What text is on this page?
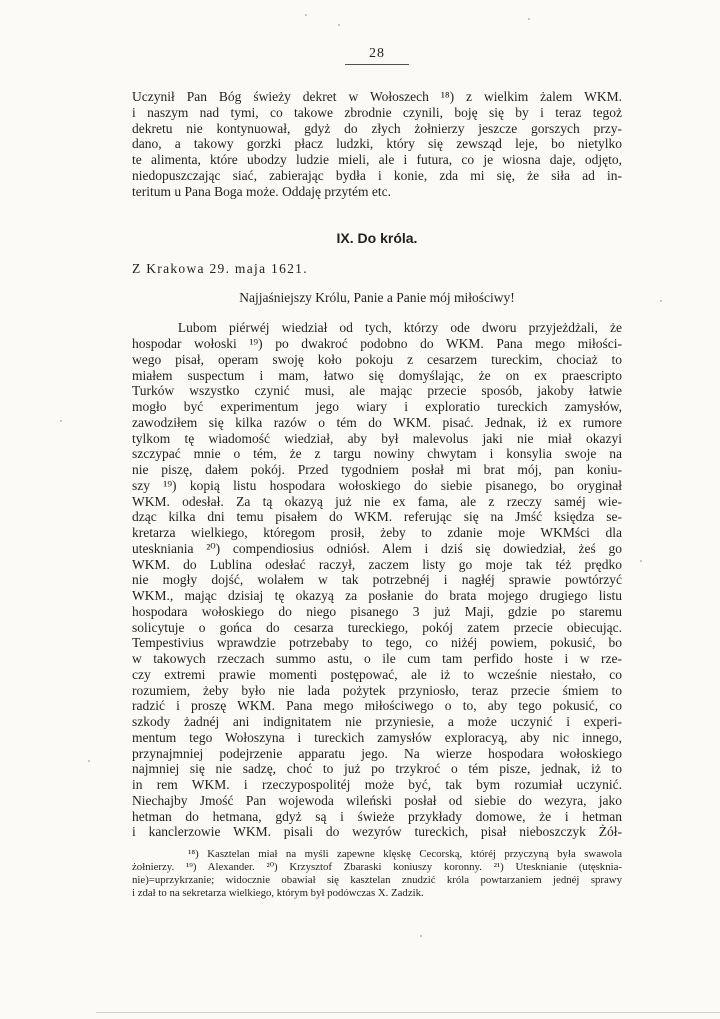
28
Uczynił Pan Bóg świeży dekret w Wołoszech ¹⁸) z wielkim żalem WKM.
i naszym nad tymi, co takowe zbrodnie czynili, boję się by i teraz tegoż
dekretu nie kontynuował, gdyż do złych żołnierzy jeszcze gorszych przy-
dano, a takowy gorzki płacz ludzki, który się zewsząd leje, bo nietylko
te alimenta, które ubodzy ludzie mieli, ale i futura, co je wiosna daje, odjęto,
niedopuszczając siać, zabierając bydła i konie, zda mi się, że siła ad in-
teritum u Pana Boga może. Oddaję przytém etc.
IX. Do króla.
Z Krakowa 29. maja 1621.
Najjaśniejszy Królu, Panie a Panie mój miłościwy!
Lubom piérwéj wiedział od tych, którzy ode dworu przyjeżdżali, że
hospodar wołoski ¹⁹) po dwakroć podobno do WKM. Pana mego miłości-
wego pisał, operam swoję koło pokoju z cesarzem tureckim, chociaż to
miałem suspectum i mam, łatwo się domyślając, że on ex praescripto
Turków wszystko czynić musi, ale mając przecie sposób, jakoby łatwie
mogło być experimentum jego wiary i exploratio tureckich zamysłów,
zawodziłem się kilka razów o tém do WKM. pisać. Jednak, iż ex rumore
tylkom tę wiadomość wiedział, aby był malevolus jaki nie miał okazyi
szczypać mnie o tém, że z targu nowiny chwytam i konsylia swoje na
nie piszę, dałem pokój. Przed tygodniem posłał mi brat mój, pan koniu-
szy ¹⁹) kopią listu hospodara wołoskiego do siebie pisanego, bo oryginał
WKM. odesłał. Za tą okazyą już nie ex fama, ale z rzeczy saméj wie-
dząc kilka dni temu pisałem do WKM. referując się na Jmść księdza se-
kretarza wielkiego, któregom prosił, żeby to zdanie moje WKMści dla
uteskniania ²⁰) compendiosius odniósł. Alem i dziś się dowiedział, żeś go
WKM. do Lublina odesłać raczył, zaczem listy go moje tak téż prędko
nie mogły dojść, wolałem w tak potrzebnéj i nagłéj sprawie powtórzyć
WKM., mając dzisiaj tę okazyą za posłanie do brata mojego drugiego listu
hospodara wołoskiego do niego pisanego 3 już Maji, gdzie po staremu
solicytuje o gońca do cesarza tureckiego, pokój zatem przecie obiecując.
Tempestivius wprawdzie potrzebaby to tego, co niżéj powiem, pokusić, bo
w takowych rzeczach summo astu, o ile cum tam perfido hoste i w rze-
czy extremi prawie momenti postępować, ale iż to wcześnie niestało, co
rozumiem, żeby było nie lada pożytek przyniosło, teraz przecie śmiem to
radzić i proszę WKM. Pana mego miłościwego o to, aby tego pokusić, co
szkody żadnéj ani indignitatem nie przyniesie, a może uczynić i experi-
mentum tego Wołoszyna i tureckich zamysłów exploracyą, aby nic innego,
przynajmniej podejrzenie apparatu jego. Na wierze hospodara wołoskiego
najmniej się nie sadzę, choć to już po trzykroć o tém pisze, jednak, iż to
in rem WKM. i rzeczypospolitéj może być, tak bym rozumiał uczynić.
Niechajby Jmość Pan wojewoda wileński posłał od siebie do wezyra, jako
hetman do hetmana, gdyż są i świeże przykłady domowe, że i hetman
i kanclerzowie WKM. pisali do wezyrów tureckich, pisał nieboszczyk Żół-
¹⁸) Kasztelan miał na myśli zapewne klęskę Cecorską, któréj przyczyną była swawola
żołnierzy. ¹⁹) Alexander. ²⁰) Krzysztof Zbaraski koniuszy koronny. ²¹) Utesknianie (utęsknia-
nie)=uprzykrzanie; widocznie obawiał się kasztelan znudzić króla powtarzaniem jednéj sprawy
i zdał to na sekretarza wielkiego, którym był podówczas X. Zadzik.
